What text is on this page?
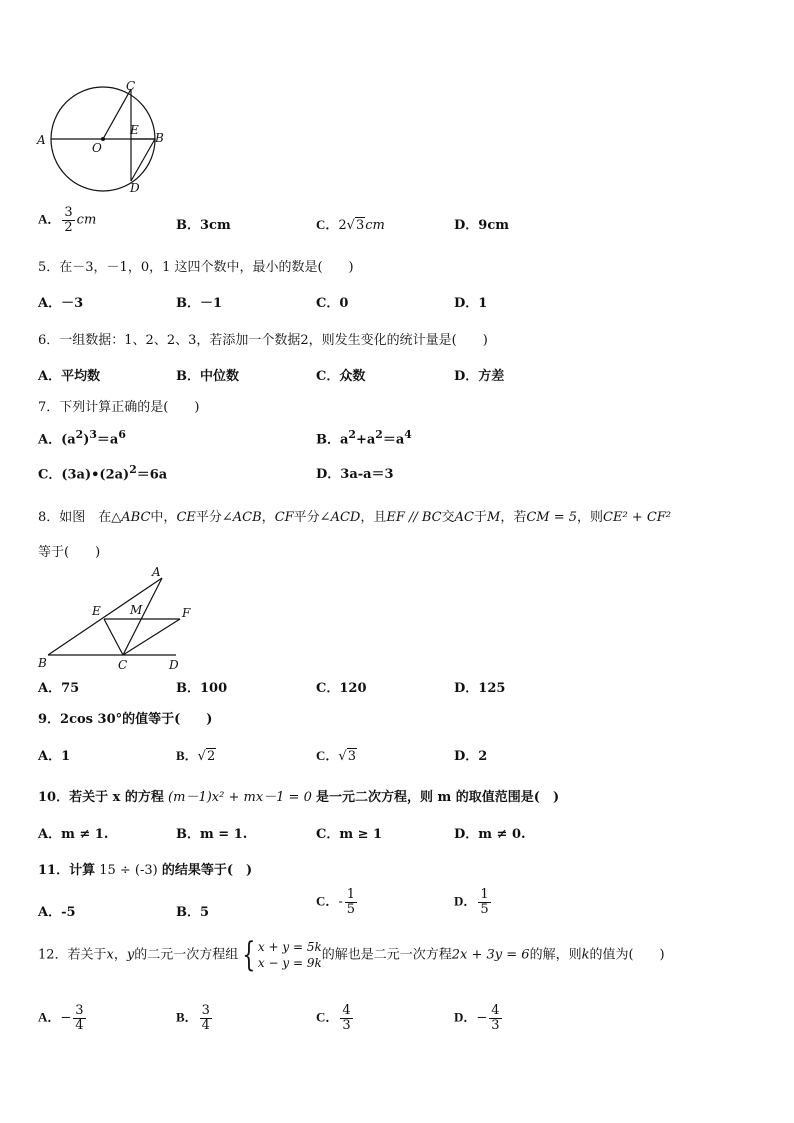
C
A
O
E
B
D
A． $\frac{3}{2}$ cm	B．3cm	C．2√3cm	D．9cm
5．在－3，－1，0，1 这四个数中，最小的数是(　　)
A．－3	B．－1	C．0	D．1
6．一组数据：1、2、2、3，若添加一个数据2，则发生变化的统计量是(　　)
A．平均数	B．中位数	C．众数	D．方差
7．下列计算正确的是(　　)
A．$(a^2)^3=a^6$	B．$a^2+a^2=a^4$
C．$(3a)•(2a)^2=6a$	D．3a-a＝3
8．如图　在△ABC中，CE平分∠ACB，CF平分∠ACD，且EF // BC交AC于M，若CM = 5，则CE² + CF²
等于(　　)
A
E M	F
B	C	D
A．75	B．100	C．120	D．125
9．2cos 30°的值等于(　　)
A．1	B．√2	C．√3	D．2
10．若关于 x 的方程 (m－1)x² + mx－1 = 0 是一元二次方程，则 m 的取值范围是(　)
A．m ≠ 1.	B．m = 1.	C．m ≥ 1	D．m ≠ 0.
11．计算 15 ÷ (-3) 的结果等于(　)
A．-5	B．5
C．- $\frac{1}{5}$	D． $\frac{1}{5}$
12．若关于x，y的二元一次方程组 { x + y = 5k
x − y = 9k
的解也是二元一次方程2x + 3y = 6的解，则k的值为(　　)
A．− $\frac{3}{4}$	B． $\frac{3}{4}$	C． $\frac{4}{3}$	D．− $\frac{4}{3}$
